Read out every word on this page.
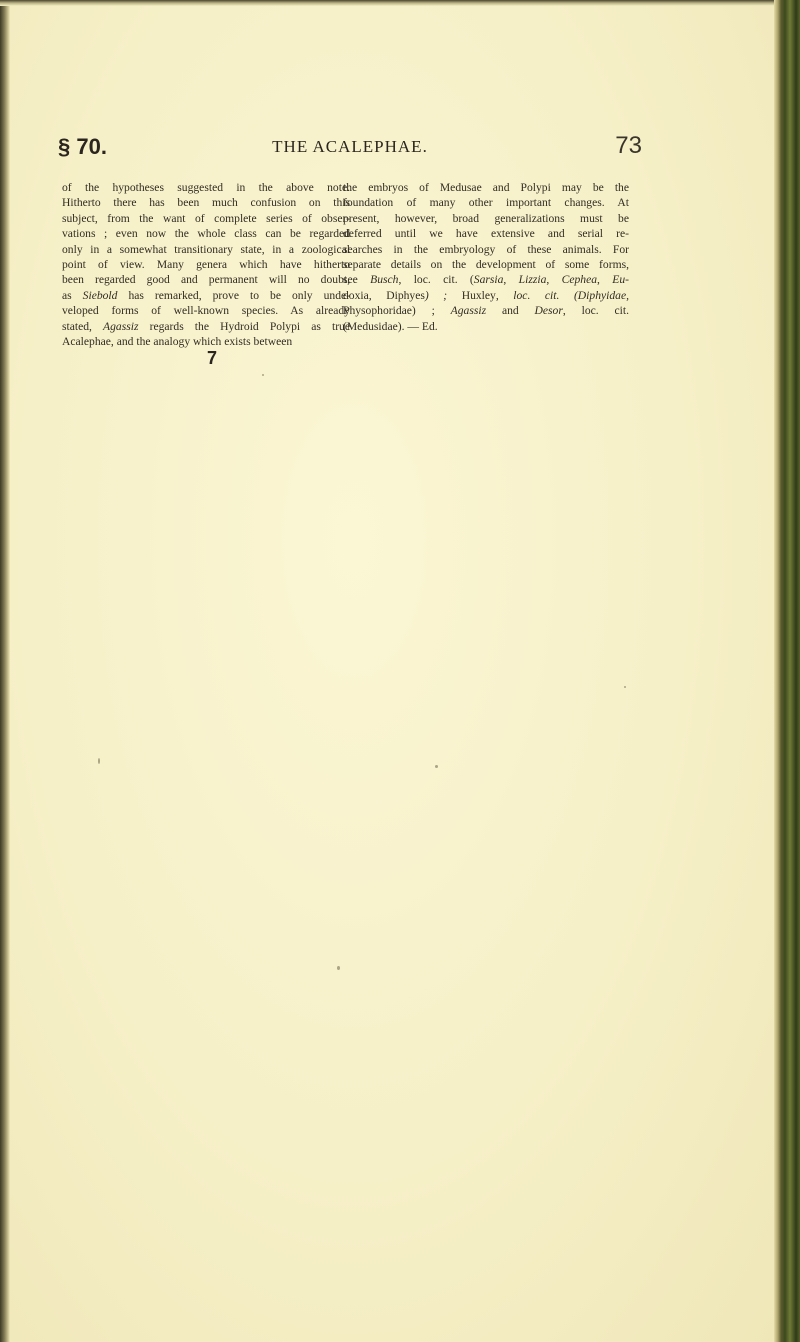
§ 70.	THE ACALEPHAE.	73
of the hypotheses suggested in the above note.
Hitherto there has been much confusion on this
subject, from the want of complete series of obser-
vations ; even now the whole class can be regarded
only in a somewhat transitionary state, in a zoological
point of view. Many genera which have hitherto
been regarded good and permanent will no doubt,
as Siebold has remarked, prove to be only unde-
veloped forms of well-known species. As already
stated, Agassiz regards the Hydroid Polypi as true
Acalephae, and the analogy which exists between
the embryos of Medusae and Polypi may be the
foundation of many other important changes. At
present, however, broad generalizations must be
deferred until we have extensive and serial re-
searches in the embryology of these animals. For
separate details on the development of some forms,
see Busch, loc. cit. (Sarsia, Lizzia, Cephea, Eu-
doxia, Diphyes) ; Huxley, loc. cit. (Diphyidae,
Physophoridae) ; Agassiz and Desor, loc. cit.
(Medusidae). — Ed.
7
